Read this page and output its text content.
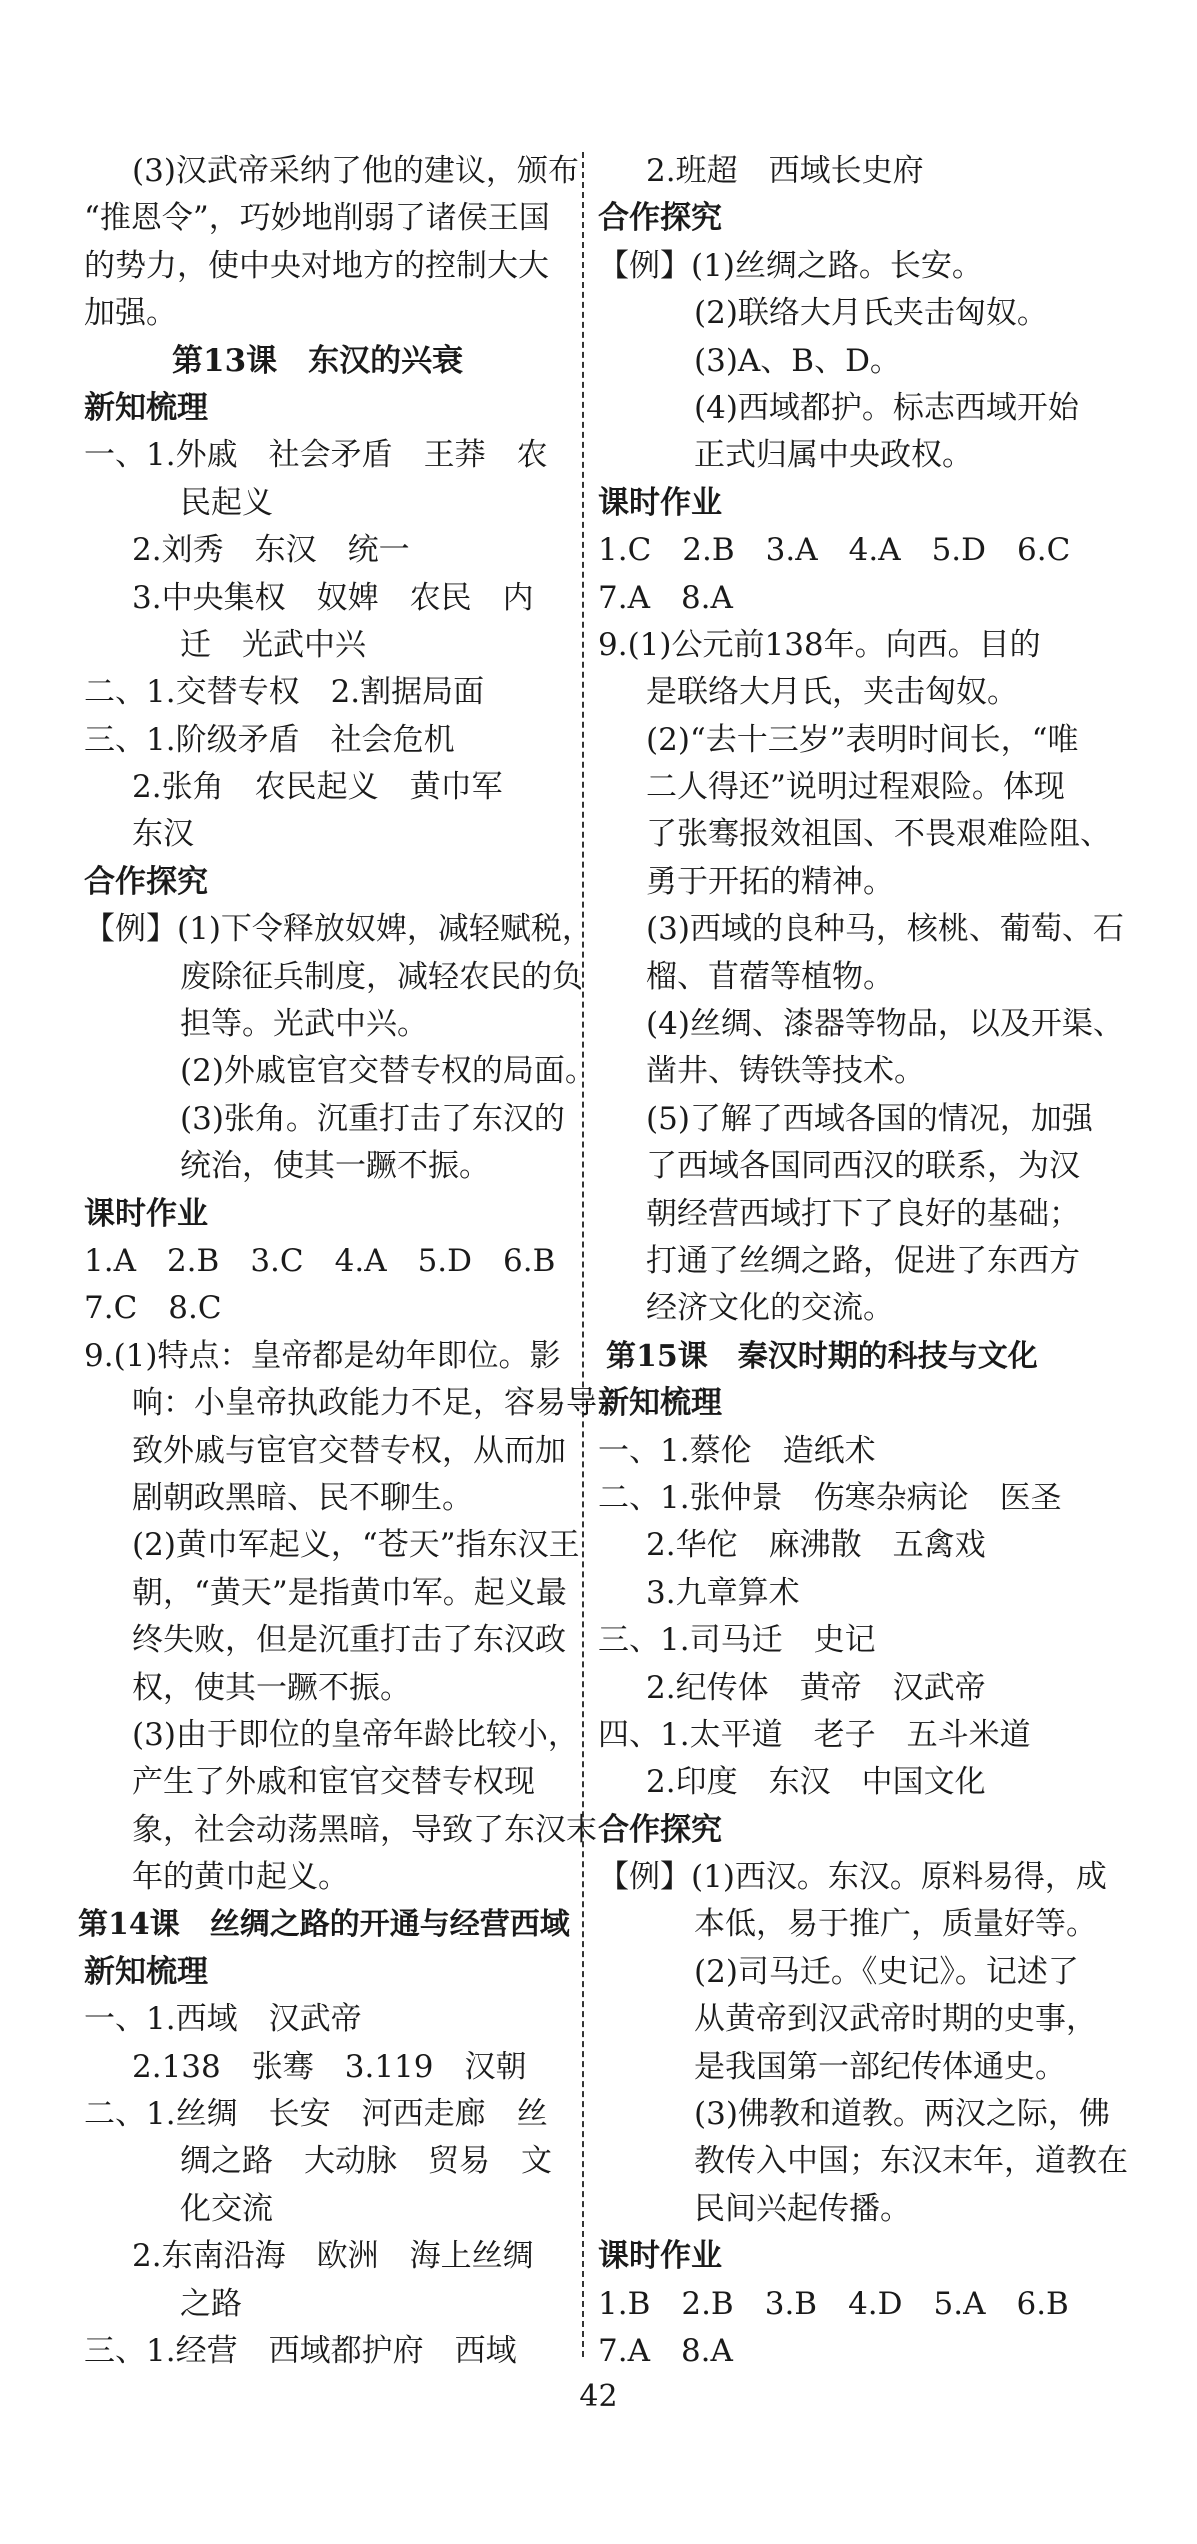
(3)汉武帝采纳了他的建议，颁布
“推恩令”，巧妙地削弱了诸侯王国
的势力，使中央对地方的控制大大
加强。
第13课　东汉的兴衰
新知梳理
一、1.外戚　社会矛盾　王莽　农
民起义
2.刘秀　东汉　统一
3.中央集权　奴婢　农民　内
迁　光武中兴
二、1.交替专权　2.割据局面
三、1.阶级矛盾　社会危机
2.张角　农民起义　黄巾军
东汉
合作探究
【例】(1)下令释放奴婢，减轻赋税，
废除征兵制度，减轻农民的负
担等。光武中兴。
(2)外戚宦官交替专权的局面。
(3)张角。沉重打击了东汉的
统治，使其一蹶不振。
课时作业
1.A　2.B　3.C　4.A　5.D　6.B
7.C　8.C
9.(1)特点：皇帝都是幼年即位。影
响：小皇帝执政能力不足，容易导
致外戚与宦官交替专权，从而加
剧朝政黑暗、民不聊生。
(2)黄巾军起义，“苍天”指东汉王
朝，“黄天”是指黄巾军。起义最
终失败，但是沉重打击了东汉政
权，使其一蹶不振。
(3)由于即位的皇帝年龄比较小，
产生了外戚和宦官交替专权现
象，社会动荡黑暗，导致了东汉末
年的黄巾起义。
第14课　丝绸之路的开通与经营西域
新知梳理
一、1.西域　汉武帝
2.138　张骞　3.119　汉朝
二、1.丝绸　长安　河西走廊　丝
绸之路　大动脉　贸易　文
化交流
2.东南沿海　欧洲　海上丝绸
之路
三、1.经营　西域都护府　西域
2.班超　西域长史府
合作探究
【例】(1)丝绸之路。长安。
(2)联络大月氏夹击匈奴。
(3)A、B、D。
(4)西域都护。标志西域开始
正式归属中央政权。
课时作业
1.C　2.B　3.A　4.A　5.D　6.C
7.A　8.A
9.(1)公元前138年。向西。目的
是联络大月氏，夹击匈奴。
(2)“去十三岁”表明时间长，“唯
二人得还”说明过程艰险。体现
了张骞报效祖国、不畏艰难险阻、
勇于开拓的精神。
(3)西域的良种马，核桃、葡萄、石
榴、苜蓿等植物。
(4)丝绸、漆器等物品，以及开渠、
凿井、铸铁等技术。
(5)了解了西域各国的情况，加强
了西域各国同西汉的联系，为汉
朝经营西域打下了良好的基础；
打通了丝绸之路，促进了东西方
经济文化的交流。
第15课　秦汉时期的科技与文化
新知梳理
一、1.蔡伦　造纸术
二、1.张仲景　伤寒杂病论　医圣
2.华佗　麻沸散　五禽戏
3.九章算术
三、1.司马迁　史记
2.纪传体　黄帝　汉武帝
四、1.太平道　老子　五斗米道
2.印度　东汉　中国文化
合作探究
【例】(1)西汉。东汉。原料易得，成
本低，易于推广，质量好等。
(2)司马迁。《史记》。记述了
从黄帝到汉武帝时期的史事，
是我国第一部纪传体通史。
(3)佛教和道教。两汉之际，佛
教传入中国；东汉末年，道教在
民间兴起传播。
课时作业
1.B　2.B　3.B　4.D　5.A　6.B
7.A　8.A
42
